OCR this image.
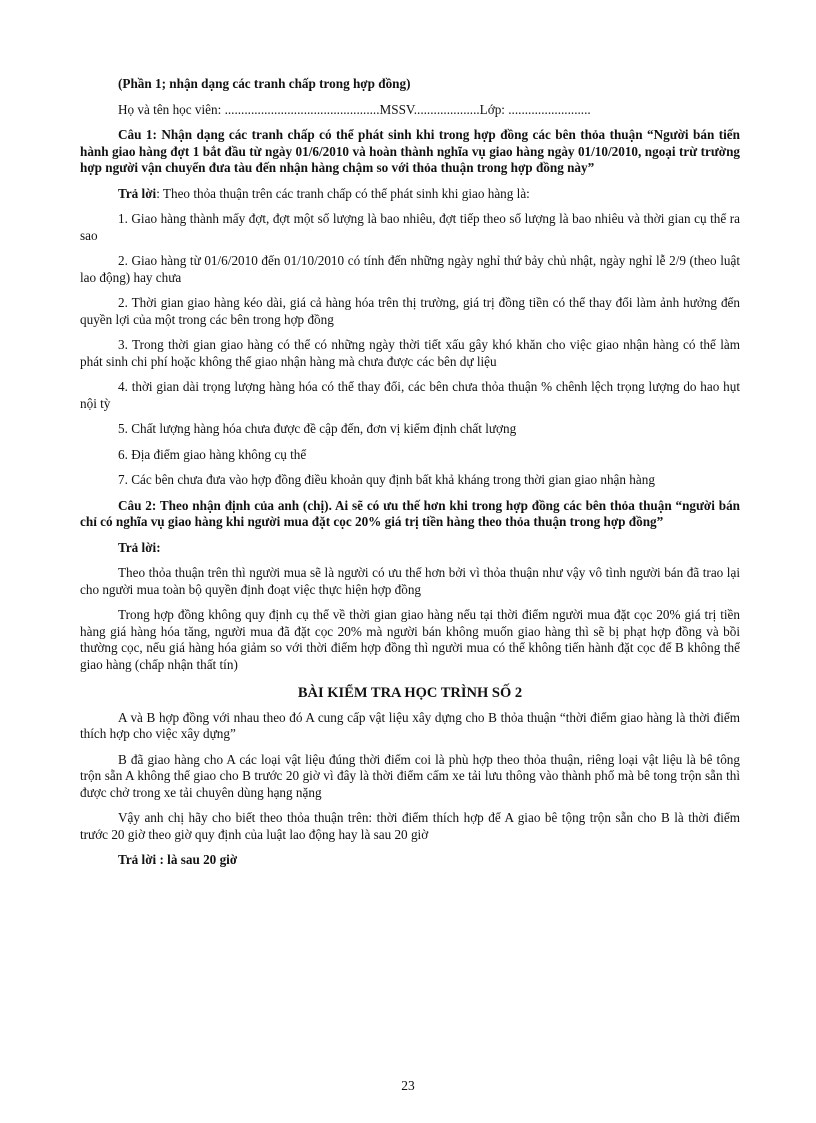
(Phần 1; nhận dạng các tranh chấp trong hợp đồng)

Họ và tên học viên: ...............................................MSSV....................Lớp: .........................

Câu 1: Nhận dạng các tranh chấp có thể phát sinh khi trong hợp đồng các bên thỏa thuận “Người bán tiến hành giao hàng đợt 1 bắt đầu từ ngày 01/6/2010 và hoàn thành nghĩa vụ giao hàng ngày 01/10/2010, ngoại trừ trường hợp người vận chuyển đưa tàu đến nhận hàng chậm so với thỏa thuận trong hợp đồng này”

Trả lời: Theo thỏa thuận trên các tranh chấp có thể phát sinh khi giao hàng là:

1. Giao hàng thành mấy đợt, đợt một số lượng là bao nhiêu, đợt tiếp theo số lượng là bao nhiêu và thời gian cụ thể ra sao

2. Giao hàng từ 01/6/2010 đến 01/10/2010 có tính đến những ngày nghỉ thứ bảy chủ nhật, ngày nghỉ lễ 2/9 (theo luật lao động) hay chưa

2. Thời gian giao hàng kéo dài, giá cả hàng hóa trên thị trường, giá trị đồng tiền có thể thay đổi làm ảnh hưởng đến quyền lợi của một trong các bên trong hợp đồng

3. Trong thời gian giao hàng có thể có những ngày thời tiết xấu gây khó khăn cho việc giao nhận hàng có thể làm phát sinh chi phí hoặc không thể giao nhận hàng mà chưa được các bên dự liệu

4. thời gian dài trọng lượng hàng hóa có thể thay đổi, các bên chưa thỏa thuận % chênh lệch trọng lượng do hao hụt nội tỳ

5. Chất lượng hàng hóa chưa được đề cập đến, đơn vị kiểm định chất lượng

6. Địa điểm giao hàng không cụ thể

7. Các bên chưa đưa vào hợp đồng điều khoản quy định bất khả kháng trong thời gian giao nhận hàng

Câu 2: Theo nhận định của anh (chị). Ai sẽ có ưu thế hơn khi trong hợp đồng các bên thỏa thuận “người bán chỉ có nghĩa vụ giao hàng khi người mua đặt cọc 20% giá trị tiền hàng theo thỏa thuận trong hợp đồng”

Trả lời:

Theo thỏa thuận trên thì người mua sẽ là người có ưu thế hơn bởi vì thỏa thuận như vậy vô tình người bán đã trao lại cho người mua toàn bộ quyền định đoạt việc thực hiện hợp đồng

Trong hợp đồng không quy định cụ thể về thời gian giao hàng nếu tại thời điểm người mua đặt cọc 20% giá trị tiền hàng giá hàng hóa tăng, người mua đã đặt cọc 20% mà người bán không muốn giao hàng thì sẽ bị phạt hợp đồng và bồi thường cọc, nếu giá hàng hóa giảm so với thời điểm hợp đồng thì người mua có thể không tiến hành đặt cọc để B không thể giao hàng (chấp nhận thất tín)

BÀI KIỂM TRA HỌC TRÌNH SỐ 2

A và B hợp đồng với nhau theo đó A cung cấp vật liệu xây dựng cho B thỏa thuận “thời điểm giao hàng là thời điểm thích hợp cho việc xây dựng”

B đã giao hàng cho A các loại vật liệu đúng thời điểm coi là phù hợp theo thỏa thuận, riêng loại vật liệu là bê tông trộn sẵn A không thể giao cho B trước 20 giờ vì đây là thời điểm cấm xe tải lưu thông vào thành phố mà bê tong trộn sẵn thì được chở trong xe tải chuyên dùng hạng nặng

Vậy anh chị hãy cho biết theo thỏa thuận trên: thời điểm thích hợp để A giao bê tộng trộn sẵn cho B là thời điểm trước 20 giờ theo giờ quy định của luật lao động hay là sau 20 giờ

Trả lời : là sau 20 giờ

23
